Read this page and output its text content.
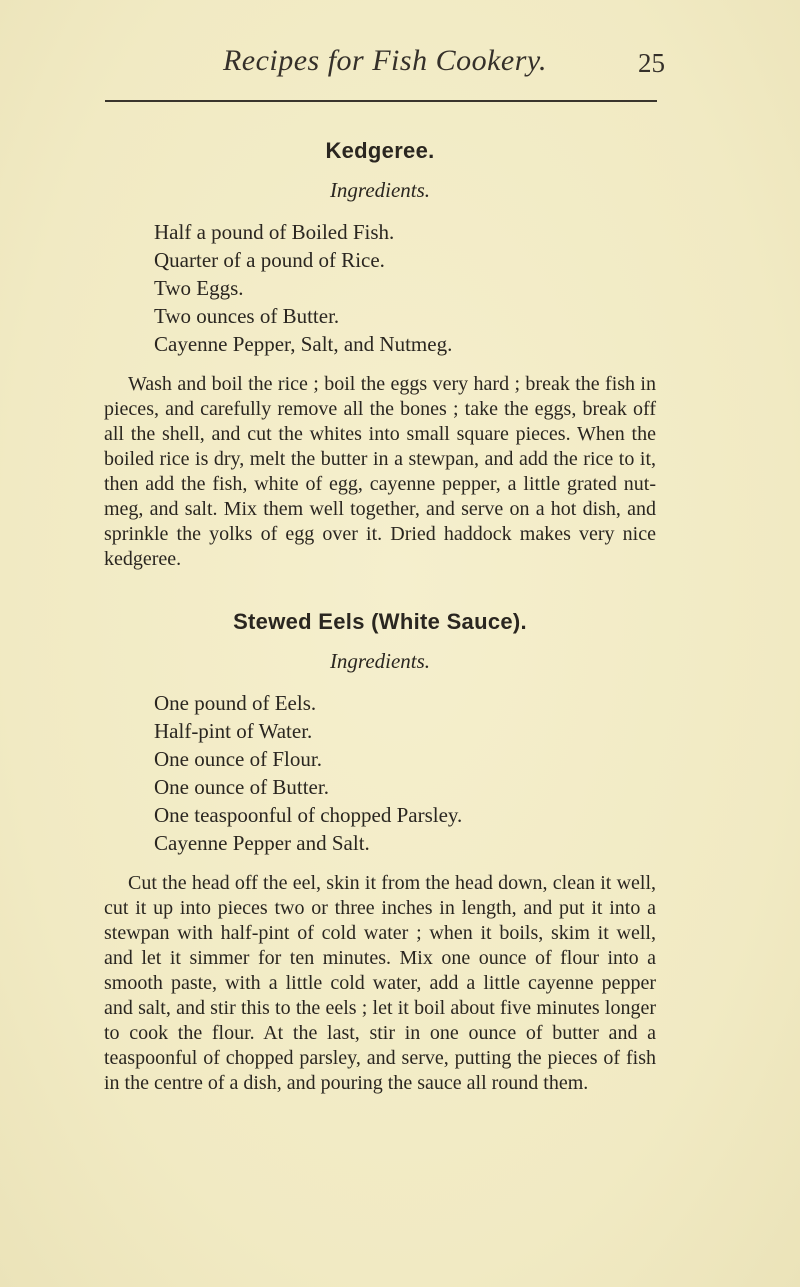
Recipes for Fish Cookery.	25
Kedgeree.
Ingredients.
Half a pound of Boiled Fish.
Quarter of a pound of Rice.
Two Eggs.
Two ounces of Butter.
Cayenne Pepper, Salt, and Nutmeg.

Wash and boil the rice ; boil the eggs very hard ; break the fish in pieces, and carefully remove all the bones ; take the eggs, break off all the shell, and cut the whites into small square pieces. When the boiled rice is dry, melt the butter in a stewpan, and add the rice to it, then add the fish, white of egg, cayenne pepper, a little grated nut-meg, and salt. Mix them well together, and serve on a hot dish, and sprinkle the yolks of egg over it. Dried haddock makes very nice kedgeree.

Stewed Eels (White Sauce).
Ingredients.
One pound of Eels.
Half-pint of Water.
One ounce of Flour.
One ounce of Butter.
One teaspoonful of chopped Parsley.
Cayenne Pepper and Salt.

Cut the head off the eel, skin it from the head down, clean it well, cut it up into pieces two or three inches in length, and put it into a stewpan with half-pint of cold water ; when it boils, skim it well, and let it simmer for ten minutes. Mix one ounce of flour into a smooth paste, with a little cold water, add a little cayenne pepper and salt, and stir this to the eels ; let it boil about five minutes longer to cook the flour. At the last, stir in one ounce of butter and a teaspoonful of chopped parsley, and serve, putting the pieces of fish in the centre of a dish, and pouring the sauce all round them.
